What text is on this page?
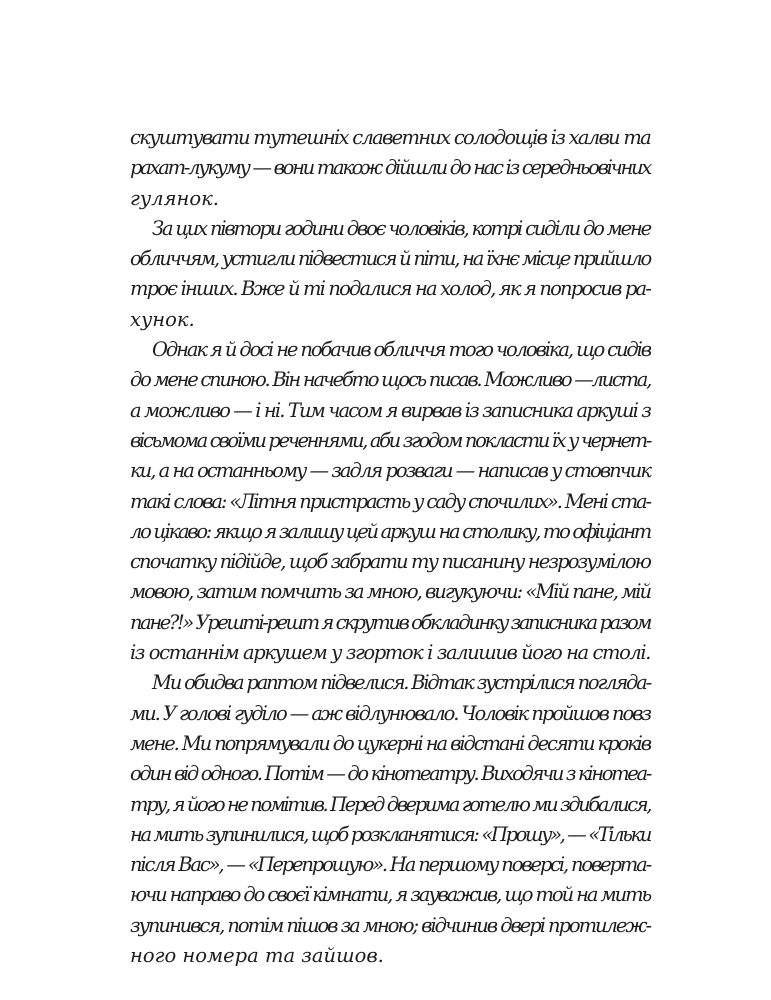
скуштувати тутешніх славетних солодощів із халви та
рахат-лукуму — вони також дійшли до нас із середньовічних
гулянок.
За цих півтори години двоє чоловіків, котрі сиділи до мене
обличчям, устигли підвестися й піти, на їхнє місце прийшло
троє інших. Вже й ті подалися на холод, як я попросив ра-
хунок.
Однак я й досі не побачив обличчя того чоловіка, що сидів
до мене спиною. Він начебто щось писав. Можливо —листа,
а можливо — і ні. Тим часом я вирвав із записника аркуші з
вісьмома своїми реченнями, аби згодом покласти їх у чернет-
ки, а на останньому — задля розваги — написав у стовпчик
такі слова: «Літня пристрасть у саду спочилих». Мені ста-
ло цікаво: якщо я залишу цей аркуш на столику, то офіціант
спочатку підійде, щоб забрати ту писанину незрозумілою
мовою, затим помчить за мною, вигукуючи: «Мій пане, мій
пане?!» Урешті-решт я скрутив обкладинку записника разом
із останнім аркушем у згорток і залишив його на столі.
Ми обидва раптом підвелися. Відтак зустрілися погляда-
ми. У голові гуділо — аж відлунювало. Чоловік пройшов повз
мене. Ми попрямували до цукерні на відстані десяти кроків
один від одного. Потім — до кінотеатру. Виходячи з кінотеа-
тру, я його не помітив. Перед дверима готелю ми здибалися,
на мить зупинилися, щоб розкланятися: «Прошу», — «Тільки
після Вас», — «Перепрошую». На першому поверсі, поверта-
ючи направо до своєї кімнати, я зауважив, що той на мить
зупинився, потім пішов за мною; відчинив двері протилеж-
ного номера та зайшов.
